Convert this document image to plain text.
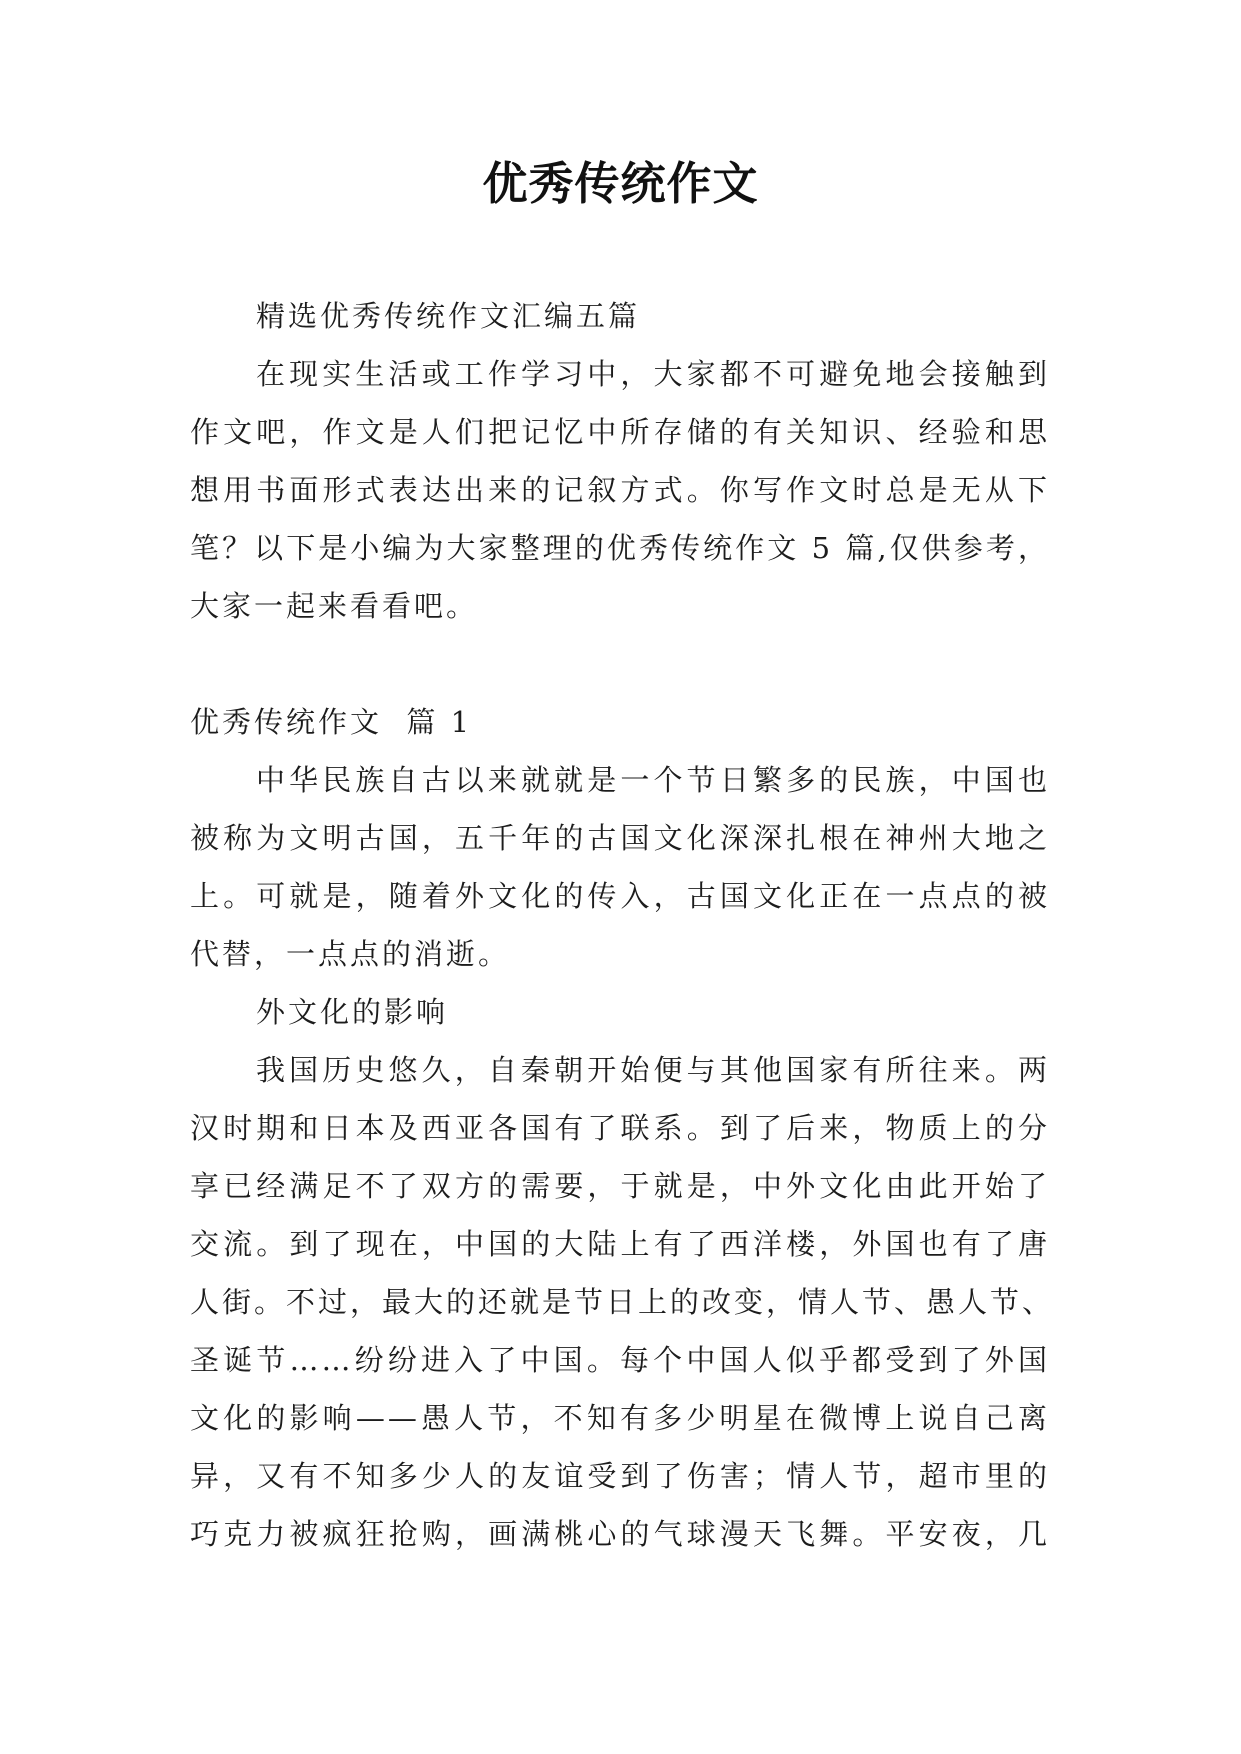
优秀传统作文
精选优秀传统作文汇编五篇
在现实生活或工作学习中，大家都不可避免地会接触到
作文吧，作文是人们把记忆中所存储的有关知识、经验和思
想用书面形式表达出来的记叙方式。你写作文时总是无从下
笔？以下是小编为大家整理的优秀传统作文 5 篇,仅供参考，
大家一起来看看吧。
优秀传统作文  篇 1
中华民族自古以来就就是一个节日繁多的民族，中国也
被称为文明古国，五千年的古国文化深深扎根在神州大地之
上。可就是，随着外文化的传入，古国文化正在一点点的被
代替，一点点的消逝。
外文化的影响
我国历史悠久，自秦朝开始便与其他国家有所往来。两
汉时期和日本及西亚各国有了联系。到了后来，物质上的分
享已经满足不了双方的需要，于就是，中外文化由此开始了
交流。到了现在，中国的大陆上有了西洋楼，外国也有了唐
人街。不过，最大的还就是节日上的改变，情人节、愚人节、
圣诞节……纷纷进入了中国。每个中国人似乎都受到了外国
文化的影响——愚人节，不知有多少明星在微博上说自己离
异，又有不知多少人的友谊受到了伤害；情人节，超市里的
巧克力被疯狂抢购，画满桃心的气球漫天飞舞。平安夜，几
